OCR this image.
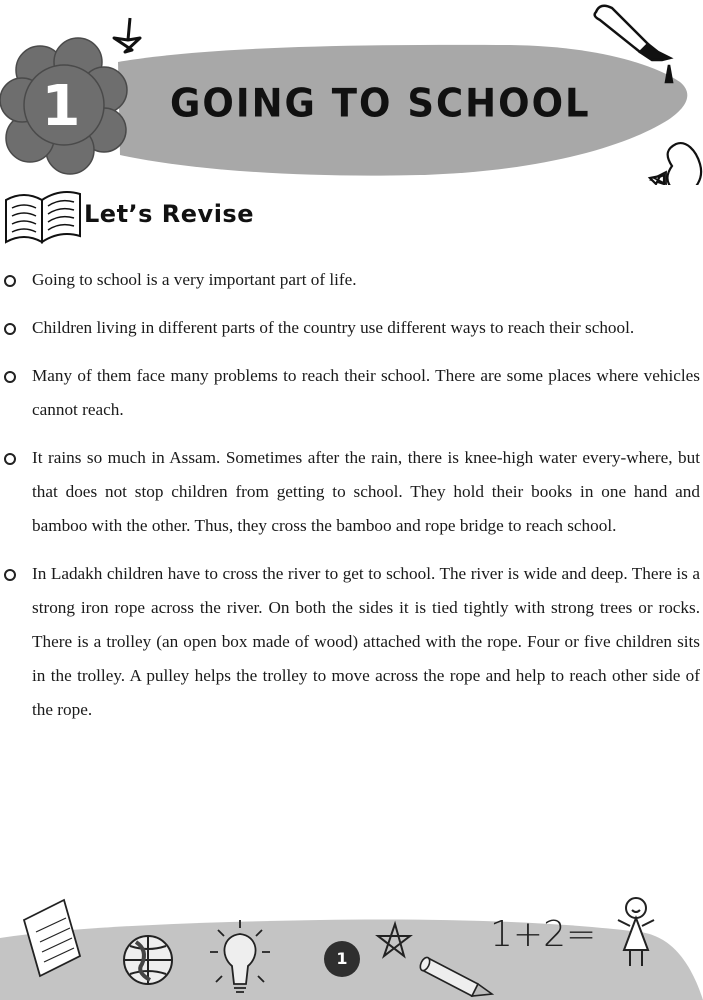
1 GOING TO SCHOOL
Let’s Revise
Going to school is a very important part of life.
Children living in different parts of the country use different ways to reach their school.
Many of them face many problems to reach their school. There are some places where vehicles cannot reach.
It rains so much in Assam. Sometimes after the rain, there is knee-high water every-where, but that does not stop children from getting to school. They hold their books in one hand and bamboo with the other. Thus, they cross the bamboo and rope bridge to reach school.
In Ladakh children have to cross the river to get to school. The river is wide and deep. There is a strong iron rope across the river. On both the sides it is tied tightly with strong trees or rocks. There is a trolley (an open box made of wood) attached with the rope. Four or five children sits in the trolley. A pulley helps the trolley to move across the rope and help to reach other side of the rope.
1+2=
1
